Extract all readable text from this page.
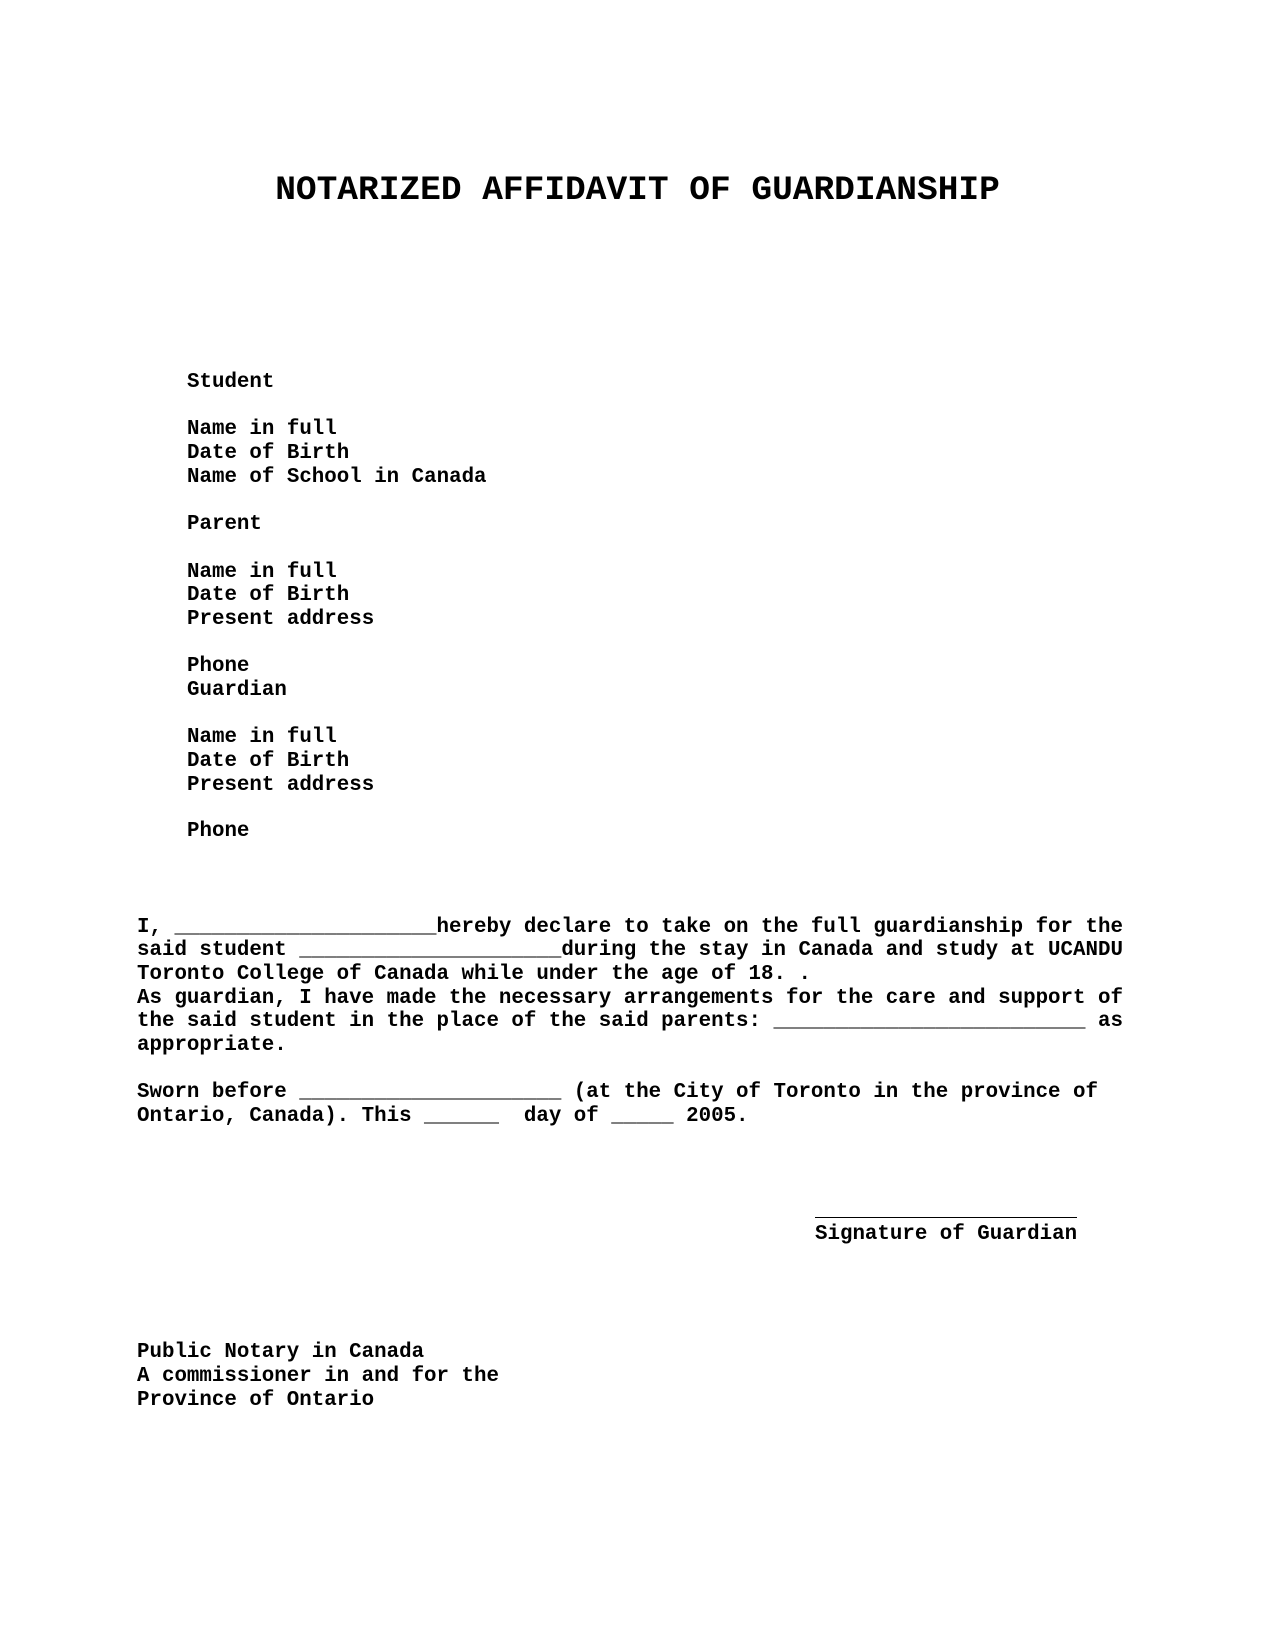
NOTARIZED AFFIDAVIT OF GUARDIANSHIP
Student
Name in full
Date of Birth
Name of School in Canada
Parent
Name in full
Date of Birth
Present address
Phone
Guardian
Name in full
Date of Birth
Present address
Phone
I, _____________________hereby declare to take on the full guardianship for the
said student _____________________during the stay in Canada and study at UCANDU
Toronto College of Canada while under the age of 18. .
As guardian, I have made the necessary arrangements for the care and support of
the said student in the place of the said parents: _________________________ as
appropriate.
Sworn before _____________________ (at the City of Toronto in the province of
Ontario, Canada). This ______  day of _____ 2005.
Signature of Guardian
Public Notary in Canada
A commissioner in and for the
Province of Ontario
